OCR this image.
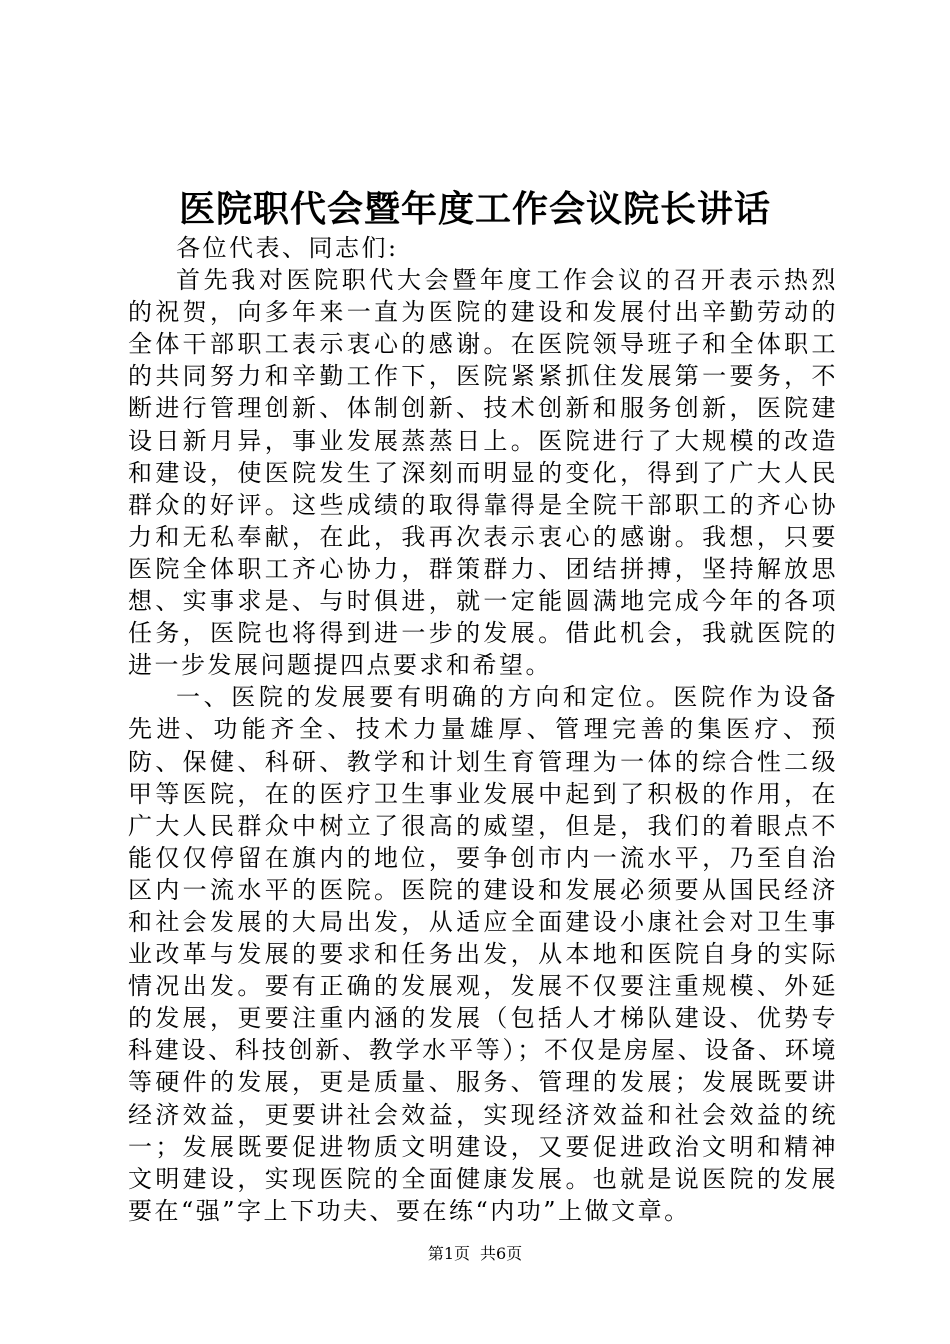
医院职代会暨年度工作会议院长讲话

各位代表、同志们:

首先我对医院职代大会暨年度工作会议的召开表示热烈的祝贺，向多年来一直为医院的建设和发展付出辛勤劳动的全体干部职工表示衷心的感谢。在医院领导班子和全体职工的共同努力和辛勤工作下，医院紧紧抓住发展第一要务，不断进行管理创新、体制创新、技术创新和服务创新，医院建设日新月异，事业发展蒸蒸日上。医院进行了大规模的改造和建设，使医院发生了深刻而明显的变化，得到了广大人民群众的好评。这些成绩的取得靠得是全院干部职工的齐心协力和无私奉献，在此，我再次表示衷心的感谢。我想，只要医院全体职工齐心协力，群策群力、团结拼搏，坚持解放思想、实事求是、与时俱进，就一定能圆满地完成今年的各项任务，医院也将得到进一步的发展。借此机会，我就医院的进一步发展问题提四点要求和希望。

一、医院的发展要有明确的方向和定位。医院作为设备先进、功能齐全、技术力量雄厚、管理完善的集医疗、预防、保健、科研、教学和计划生育管理为一体的综合性二级甲等医院，在的医疗卫生事业发展中起到了积极的作用，在广大人民群众中树立了很高的威望，但是，我们的着眼点不能仅仅停留在旗内的地位，要争创市内一流水平，乃至自治区内一流水平的医院。医院的建设和发展必须要从国民经济和社会发展的大局出发，从适应全面建设小康社会对卫生事业改革与发展的要求和任务出发，从本地和医院自身的实际情况出发。要有正确的发展观，发展不仅要注重规模、外延的发展，更要注重内涵的发展（包括人才梯队建设、优势专科建设、科技创新、教学水平等）；不仅是房屋、设备、环境等硬件的发展，更是质量、服务、管理的发展；发展既要讲经济效益，更要讲社会效益，实现经济效益和社会效益的统一；发展既要促进物质文明建设，又要促进政治文明和精神文明建设，实现医院的全面健康发展。也就是说医院的发展要在“强”字上下功夫、要在练“内功”上做文章。

第1页 共6页
